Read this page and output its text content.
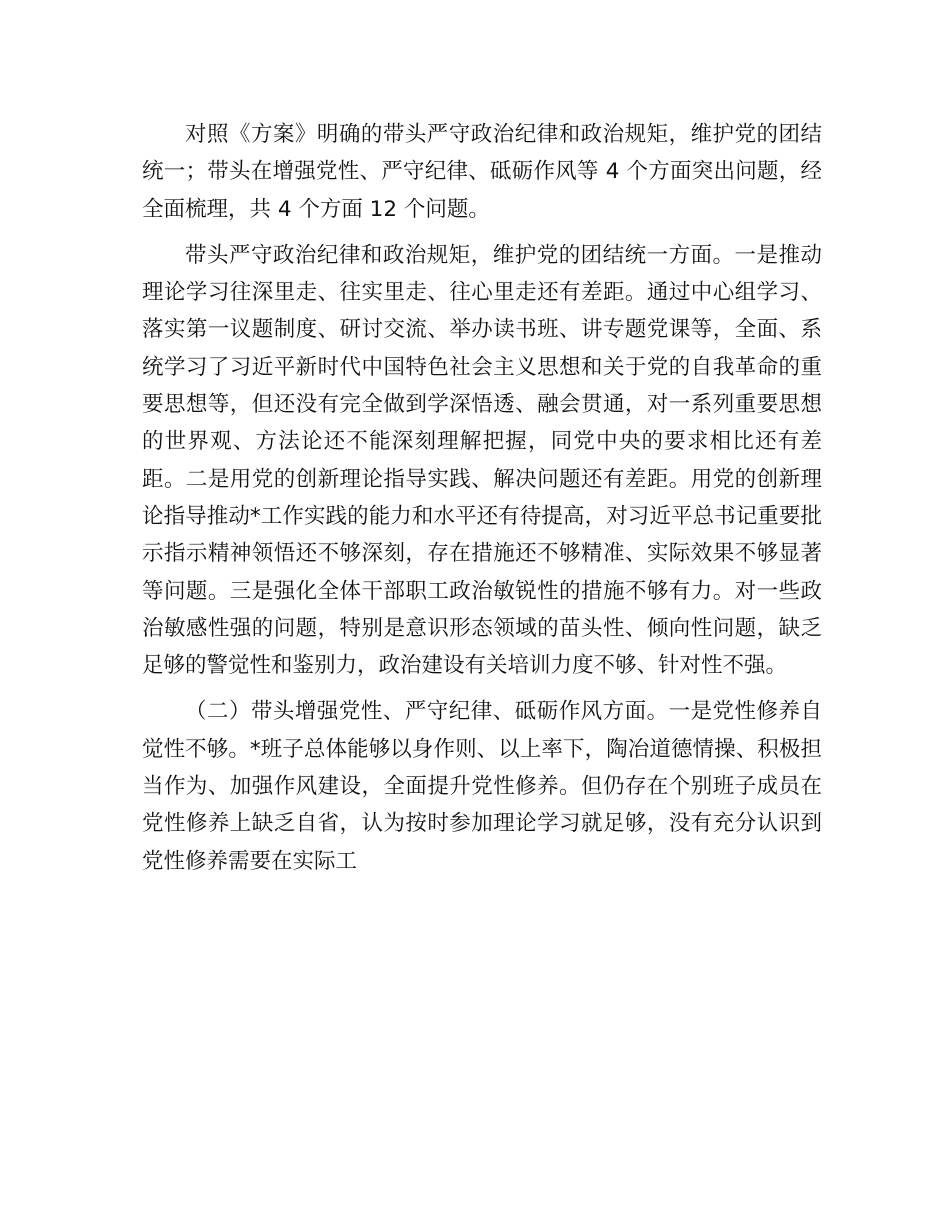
对照《方案》明确的带头严守政治纪律和政治规矩，维护党的团结统一；带头在增强党性、严守纪律、砥砺作风等 4 个方面突出问题，经全面梳理，共 4 个方面 12 个问题。

带头严守政治纪律和政治规矩，维护党的团结统一方面。一是推动理论学习往深里走、往实里走、往心里走还有差距。通过中心组学习、落实第一议题制度、研讨交流、举办读书班、讲专题党课等，全面、系统学习了习近平新时代中国特色社会主义思想和关于党的自我革命的重要思想等，但还没有完全做到学深悟透、融会贯通，对一系列重要思想的世界观、方法论还不能深刻理解把握，同党中央的要求相比还有差距。二是用党的创新理论指导实践、解决问题还有差距。用党的创新理论指导推动*工作实践的能力和水平还有待提高，对习近平总书记重要批示指示精神领悟还不够深刻，存在措施还不够精准、实际效果不够显著等问题。三是强化全体干部职工政治敏锐性的措施不够有力。对一些政治敏感性强的问题，特别是意识形态领域的苗头性、倾向性问题，缺乏足够的警觉性和鉴别力，政治建设有关培训力度不够、针对性不强。

（二）带头增强党性、严守纪律、砥砺作风方面。一是党性修养自觉性不够。*班子总体能够以身作则、以上率下，陶冶道德情操、积极担当作为、加强作风建设，全面提升党性修养。但仍存在个别班子成员在党性修养上缺乏自省，认为按时参加理论学习就足够，没有充分认识到党性修养需要在实际工
